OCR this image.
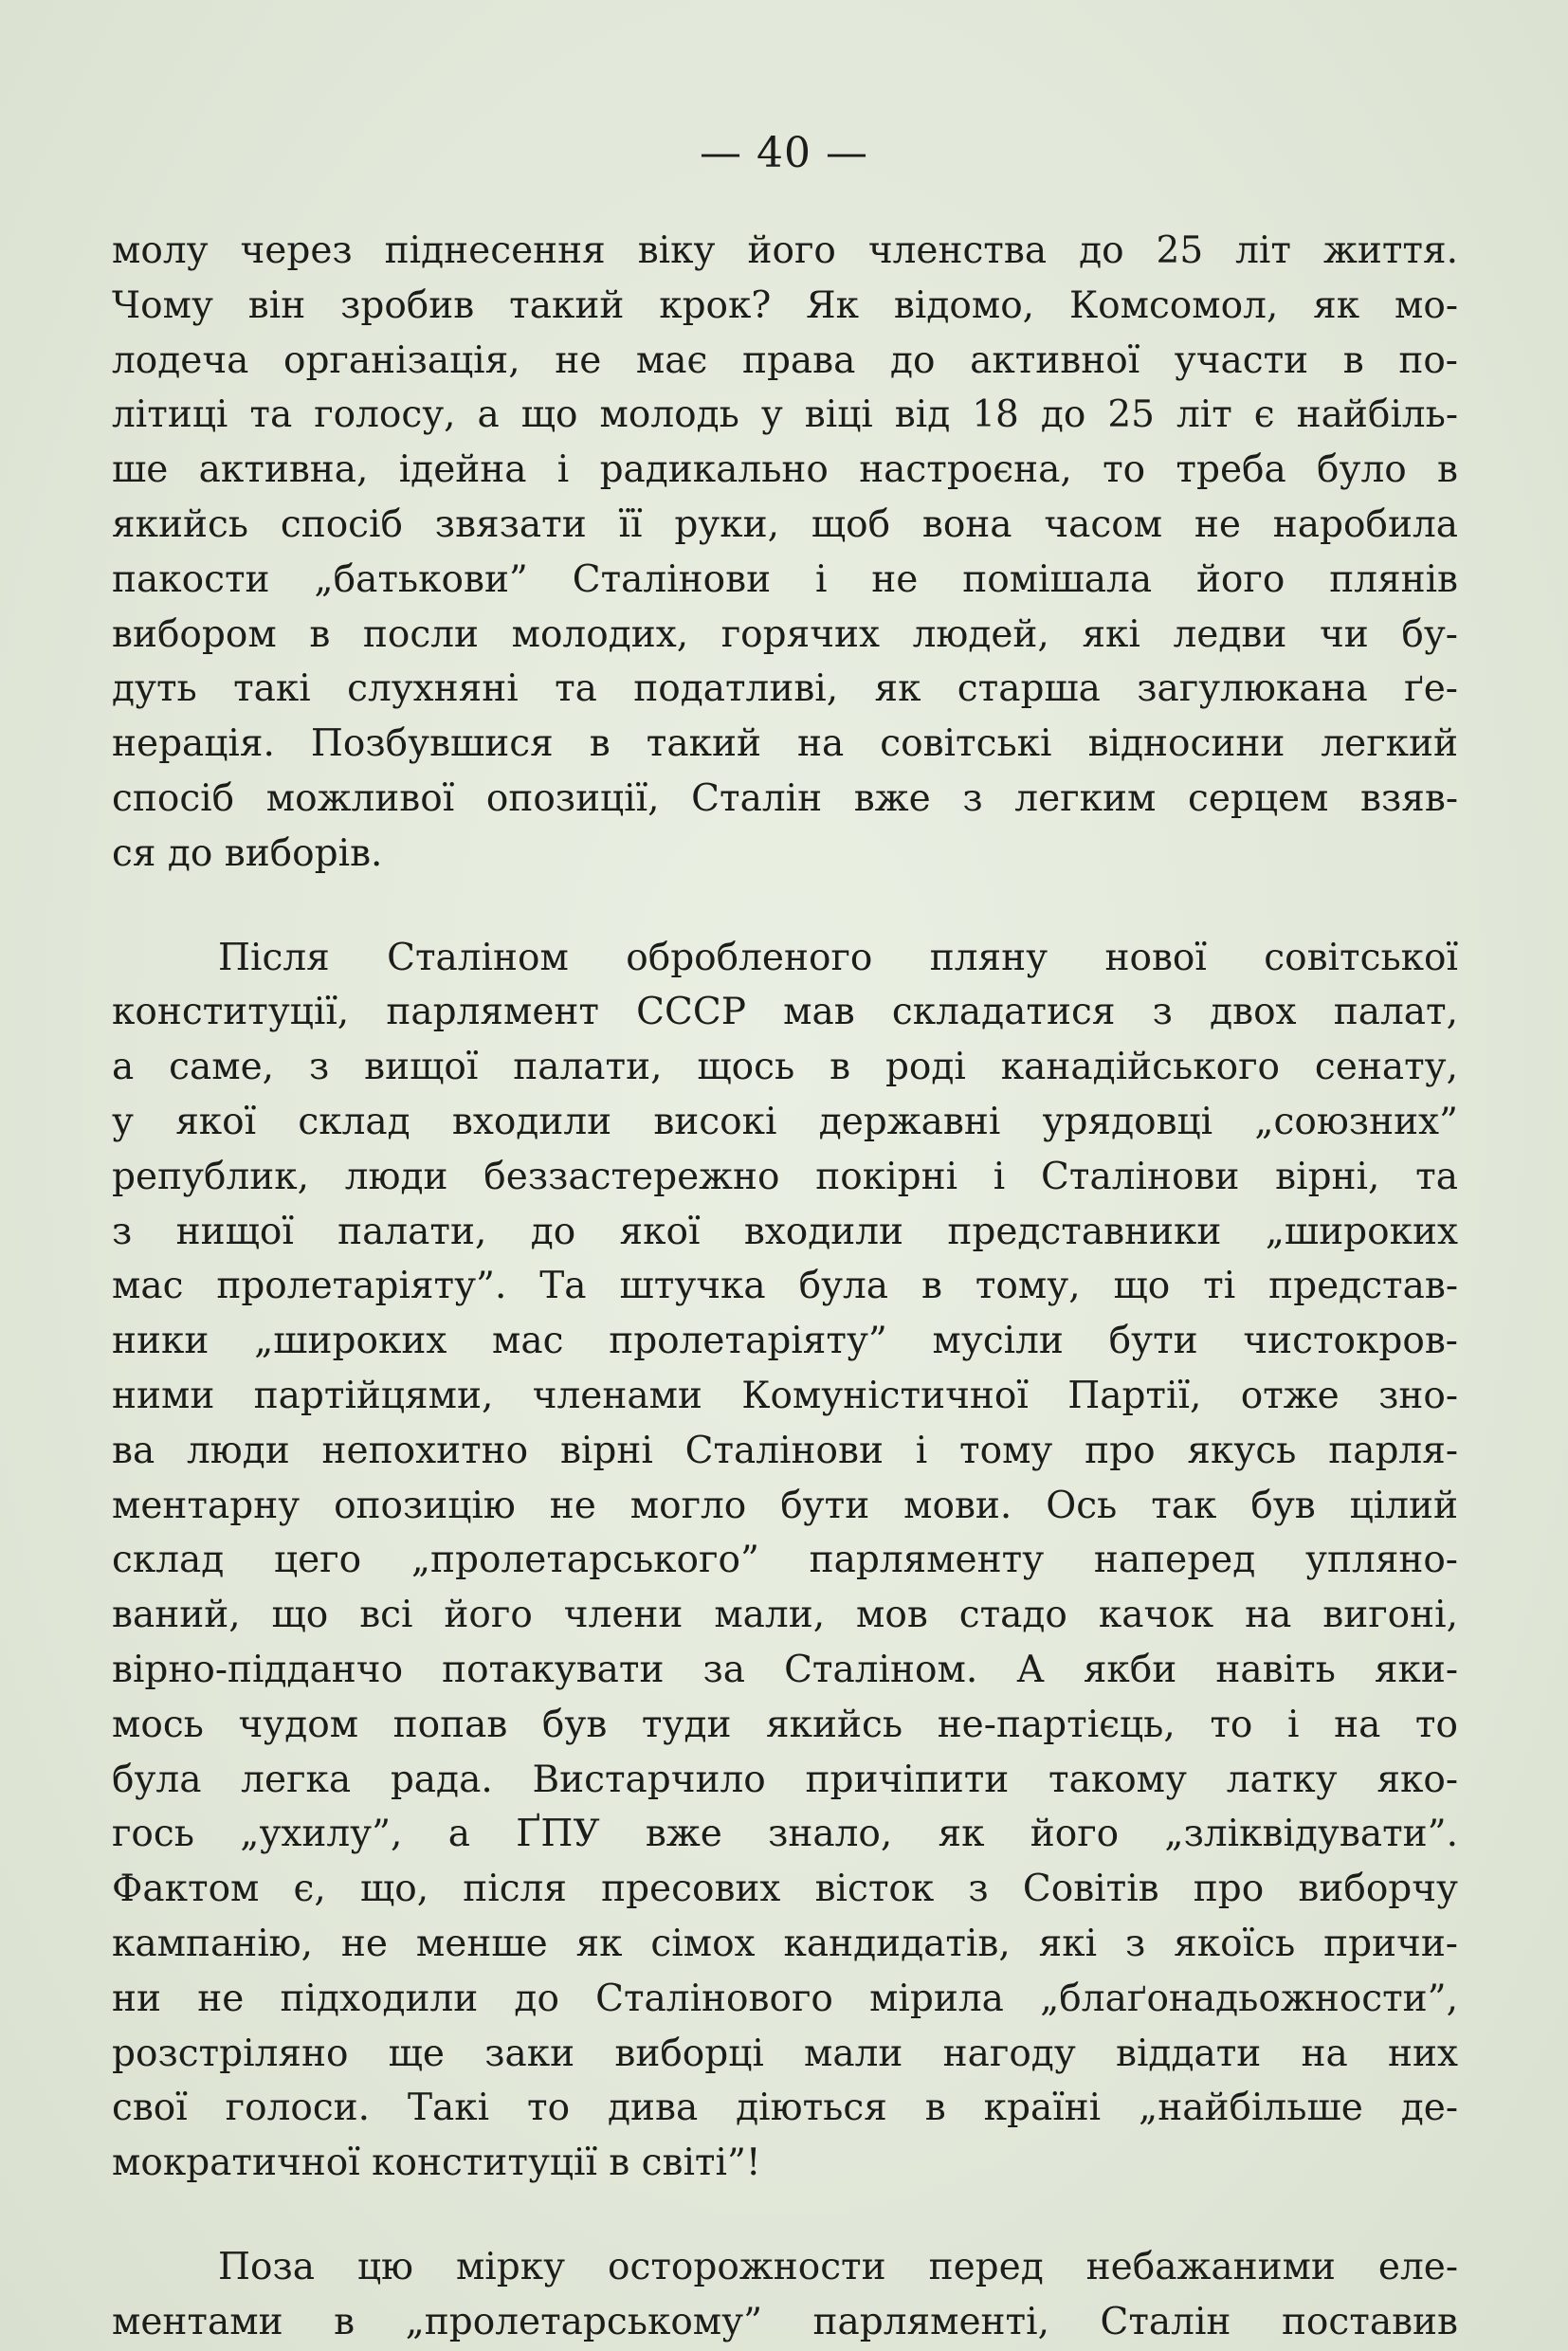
— 40 —
молу через піднесення віку його членства до 25 літ життя.
Чому він зробив такий крок? Як відомо, Комсомол, як мо-
лодеча організація, не має права до активної участи в по-
літиці та голосу, а що молодь у віці від 18 до 25 літ є найбіль-
ше активна, ідейна і радикально настроєна, то треба було в
якийсь спосіб звязати її руки, щоб вона часом не наробила
пакости „батькови” Сталінови і не помішала його плянів
вибором в посли молодих, горячих людей, які ледви чи бу-
дуть такі слухняні та податливі, як старша загулюкана ґе-
нерація. Позбувшися в такий на совітські відносини легкий
спосіб можливої опозиції, Сталін вже з легким серцем взяв-
ся до виборів.
Після Сталіном обробленого пляну нової совітської
конституції, парлямент СССР мав складатися з двох палат,
а саме, з вищої палати, щось в роді канадійського сенату,
у якої склад входили високі державні урядовці „союзних”
републик, люди беззастережно покірні і Сталінови вірні, та
з нищої палати, до якої входили представники „широких
мас пролетаріяту”. Та штучка була в тому, що ті представ-
ники „широких мас пролетаріяту” мусіли бути чистокров-
ними партійцями, членами Комуністичної Партії, отже зно-
ва люди непохитно вірні Сталінови і тому про якусь парля-
ментарну опозицію не могло бути мови. Ось так був цілий
склад цего „пролетарського” парляменту наперед упляно-
ваний, що всі його члени мали, мов стадо качок на вигоні,
вірно-підданчо потакувати за Сталіном. А якби навіть яки-
мось чудом попав був туди якийсь не-партієць, то і на то
була легка рада. Вистарчило причіпити такому латку яко-
гось „ухилу”, а ҐПУ вже знало, як його „зліквідувати”.
Фактом є, що, після пресових вісток з Совітів про виборчу
кампанію, не менше як сімох кандидатів, які з якоїсь причи-
ни не підходили до Сталінового мірила „блаґонадьожности”,
розстріляно ще заки виборці мали нагоду віддати на них
свої голоси. Такі то дива діються в країні „найбільше де-
мократичної конституції в світі”!
Поза цю мірку осторожности перед небажаними еле-
ментами в „пролетарському” парляменті, Сталін поставив
